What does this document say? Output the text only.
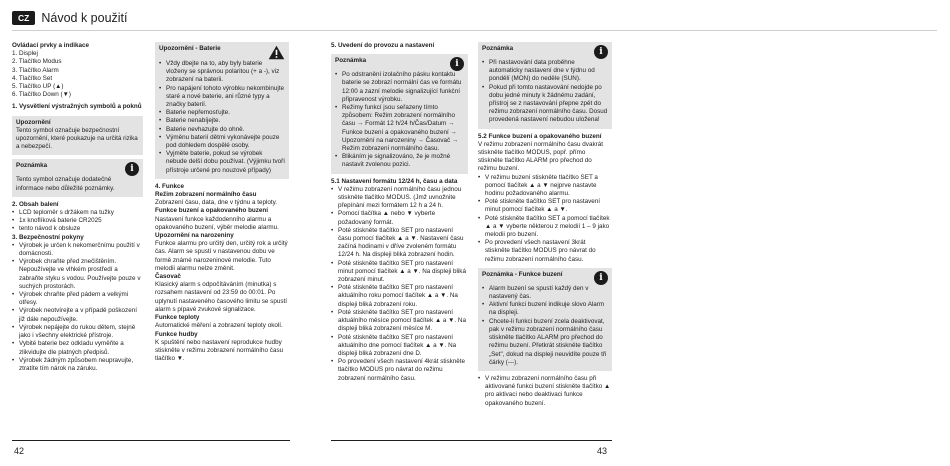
CZ Návod k použití

Ovládací prvky a indikace

1. Displej

2. Tlačítko Modus

3. Tlačítko Alarm

4. Tlačítko Set

5. Tlačítko UP (▲)

6. Tlačítko Down (▼)

1. Vysvětlení výstražných symbolů a poknů

Upozornění

Tento symbol označuje bezpečnostní upozornění, které poukazuje na určitá rizika a nebezpečí.

Poznámka	i

Tento symbol označuje dodatečné informace nebo důležité poznámky.

2. Obsah balení

• LCD teploměr s držákem na tužky

• 1x knoflíková baterie CR2025

• tento návod k obsluze

3. Bezpečnostní pokyny

• Výrobek je určen k nekomerčnímu použití v domácnosti.

• Výrobek chraňte před znečištěním. Nepoužívejte ve vlhkém prostředí a zabraňte styku s vodou. Používejte pouze v suchých prostorách.

• Výrobek chraňte před pádem a velkými otřesy.

• Výrobek neotvírejte a v případě poškození již dále nepoužívejte.

• Výrobek nepájejte do rukou dětem, stejně jako i všechny elektrické přístroje.

• Vybité baterie bez odkladu vyměňte a zlikvidujte dle platných předpisů.

• Výrobek žádným způsobem neupravujte, ztratíte tím nárok na záruku.

Upozornění - Baterie

• Vždy dbejte na to, aby byly baterie vloženy se správnou polaritou (+ a -), viz zobrazení na baterii.

• Pro napájení tohoto výrobku nekombinujte staré a nové baterie, ani různé typy a značky baterií.

• Baterie nepřemosťujte.

• Baterie nenabíjejte.

• Baterie nevhazujte do ohně.

• Výměnu baterií dětmi vykonávejte pouze pod dohledem dospělé osoby.

• Vyjměte baterie, pokud se výrobek nebude delší dobu používat. (Výjimku tvoří přístroje určené pro nouzové případy)

4. Funkce

Režim zobrazení normálního času

Zobrazení času, data, dne v týdnu a teploty.

Funkce buzení a opakovaného buzení

Nastavení funkce každodenního alarmu a opakovaného buzení, výběr melodie alarmu.

Upozornění na narozeniny

Funkce alarmu pro určitý den, určitý rok a určitý čas. Alarm se spustí v nastavenou dobu ve formě známé narozeninové melodie. Tuto melodii alarmu nelze změnit.

Časovač

Klasický alarm s odpočítáváním (minutka) s rozsahem nastavení od 23:59 do 00:01. Po uplynutí nastaveného časového limitu se spustí alarm s pípavé zvukové signalizace.

Funkce teploty

Automatické měření a zobrazení teploty okolí.

Funkce hudby

K spuštění nebo nastavení reprodukce hudby stiskněte v režimu zobrazení normálního času tlačítko ▼.

5. Uvedení do provozu a nastavení

Poznámka	i

• Po odstranění izolačního pásku kontaktu baterie se zobrazí normální čas ve formátu 12:00 a zazní melodie signalizující funkční připravenost výrobku.

• Režimy funkcí jsou seřazeny tímto způsobem: Režim zobrazení normálního času → Formát 12 h/24 h/Čas/Datum → Funkce buzení a opakovaného buzení → Upozornění na narozeniny → Časovač → Režim zobrazení normálního času.

• Blikáním je signalizováno, že je možné nastavit zvolenou pozici.

5.1 Nastavení formátu 12/24 h, času a data

• V režimu zobrazení normálního času jednou stiskněte tlačítko MODUS. (Jmž uvnožnite přepínání mezi formátem 12 h a 24 h.

• Pomocí tlačítka ▲ nebo ▼ vyberte požadovaný formát.

• Poté stiskněte tlačítko SET pro nastavení času pomocí tlačítek ▲ a ▼. Nastavení času začíná hodinami v dříve zvoleném formátu 12/24 h. Na displeji bliká zobrazení hodin.

• Poté stiskněte tlačítko SET pro nastavení minut pomocí tlačítek ▲ a ▼. Na displeji bliká zobrazení minut.

• Poté stiskněte tlačítko SET pro nastavení aktuálního roku pomocí tlačítek ▲ a ▼. Na displeji bliká zobrazení roku.

• Poté stiskněte tlačítko SET pro nastavení aktuálního měsíce pomocí tlačítek ▲ a ▼. Na displeji bliká zobrazení měsíce M.

• Poté stiskněte tlačítko SET pro nastavení aktuálního dne pomocí tlačítek ▲ a ▼. Na displeji bliká zobrazení dne D.

• Po provedení všech nastavení 4krát stiskněte tlačítko MODUS pro návrat do režimu zobrazení normálního času.

Poznámka	i

• Při nastavování data proběhne automaticky nastavení dne v týdnu od pondělí (MON) do neděle (SUN).

• Pokud při tomto nastavování nedojde po dobu jedné minuty k žádnému zadání, přístroj se z nastavování přepne zpět do režimu zobrazení normálního času. Dosud provedená nastavení nebudou uložena!

5.2 Funkce buzení a opakovaného buzení

V režimu zobrazení normálního času dvakrát stiskněte tlačítko MODUS, popř. přímo stiskněte tlačítko ALARM pro přechod do režimu buzení.

• V režimu buzení stiskněte tlačítko SET a pomocí tlačítek ▲ a ▼ nejprve nastavte hodinu požadovaného alarmu.

• Poté stiskněte tlačítko SET pro nastavení minut pomocí tlačítek ▲ a ▼.

• Poté stiskněte tlačítko SET a pomocí tlačítek ▲ a ▼ vyberte některou z melodií 1 – 9 jako melodii pro buzení.

• Po provedení všech nastavení 3krát stiskněte tlačítko MODUS pro návrat do režimu zobrazení normálního času.

Poznámka - Funkce buzení	i

• Alarm buzení se spustí každý den v nastavený čas.

• Aktivní funkci buzení indikuje slovo Alarm na displeji.

• Chcete-li funkci buzení zcela deaktivovat, pak v režimu zobrazení normálního času stiskněte tlačítko ALARM pro přechod do režimu buzení. Přetkrát stiskněte tlačítko „Set", dokud na displeji neuvidíte pouze tři čárky (---).

• V režimu zobrazení normálního času při aktivované funkci buzení stiskněte tlačítko ▲ pro aktivaci nebo deaktivaci funkce opakovaného buzení.

42	43
